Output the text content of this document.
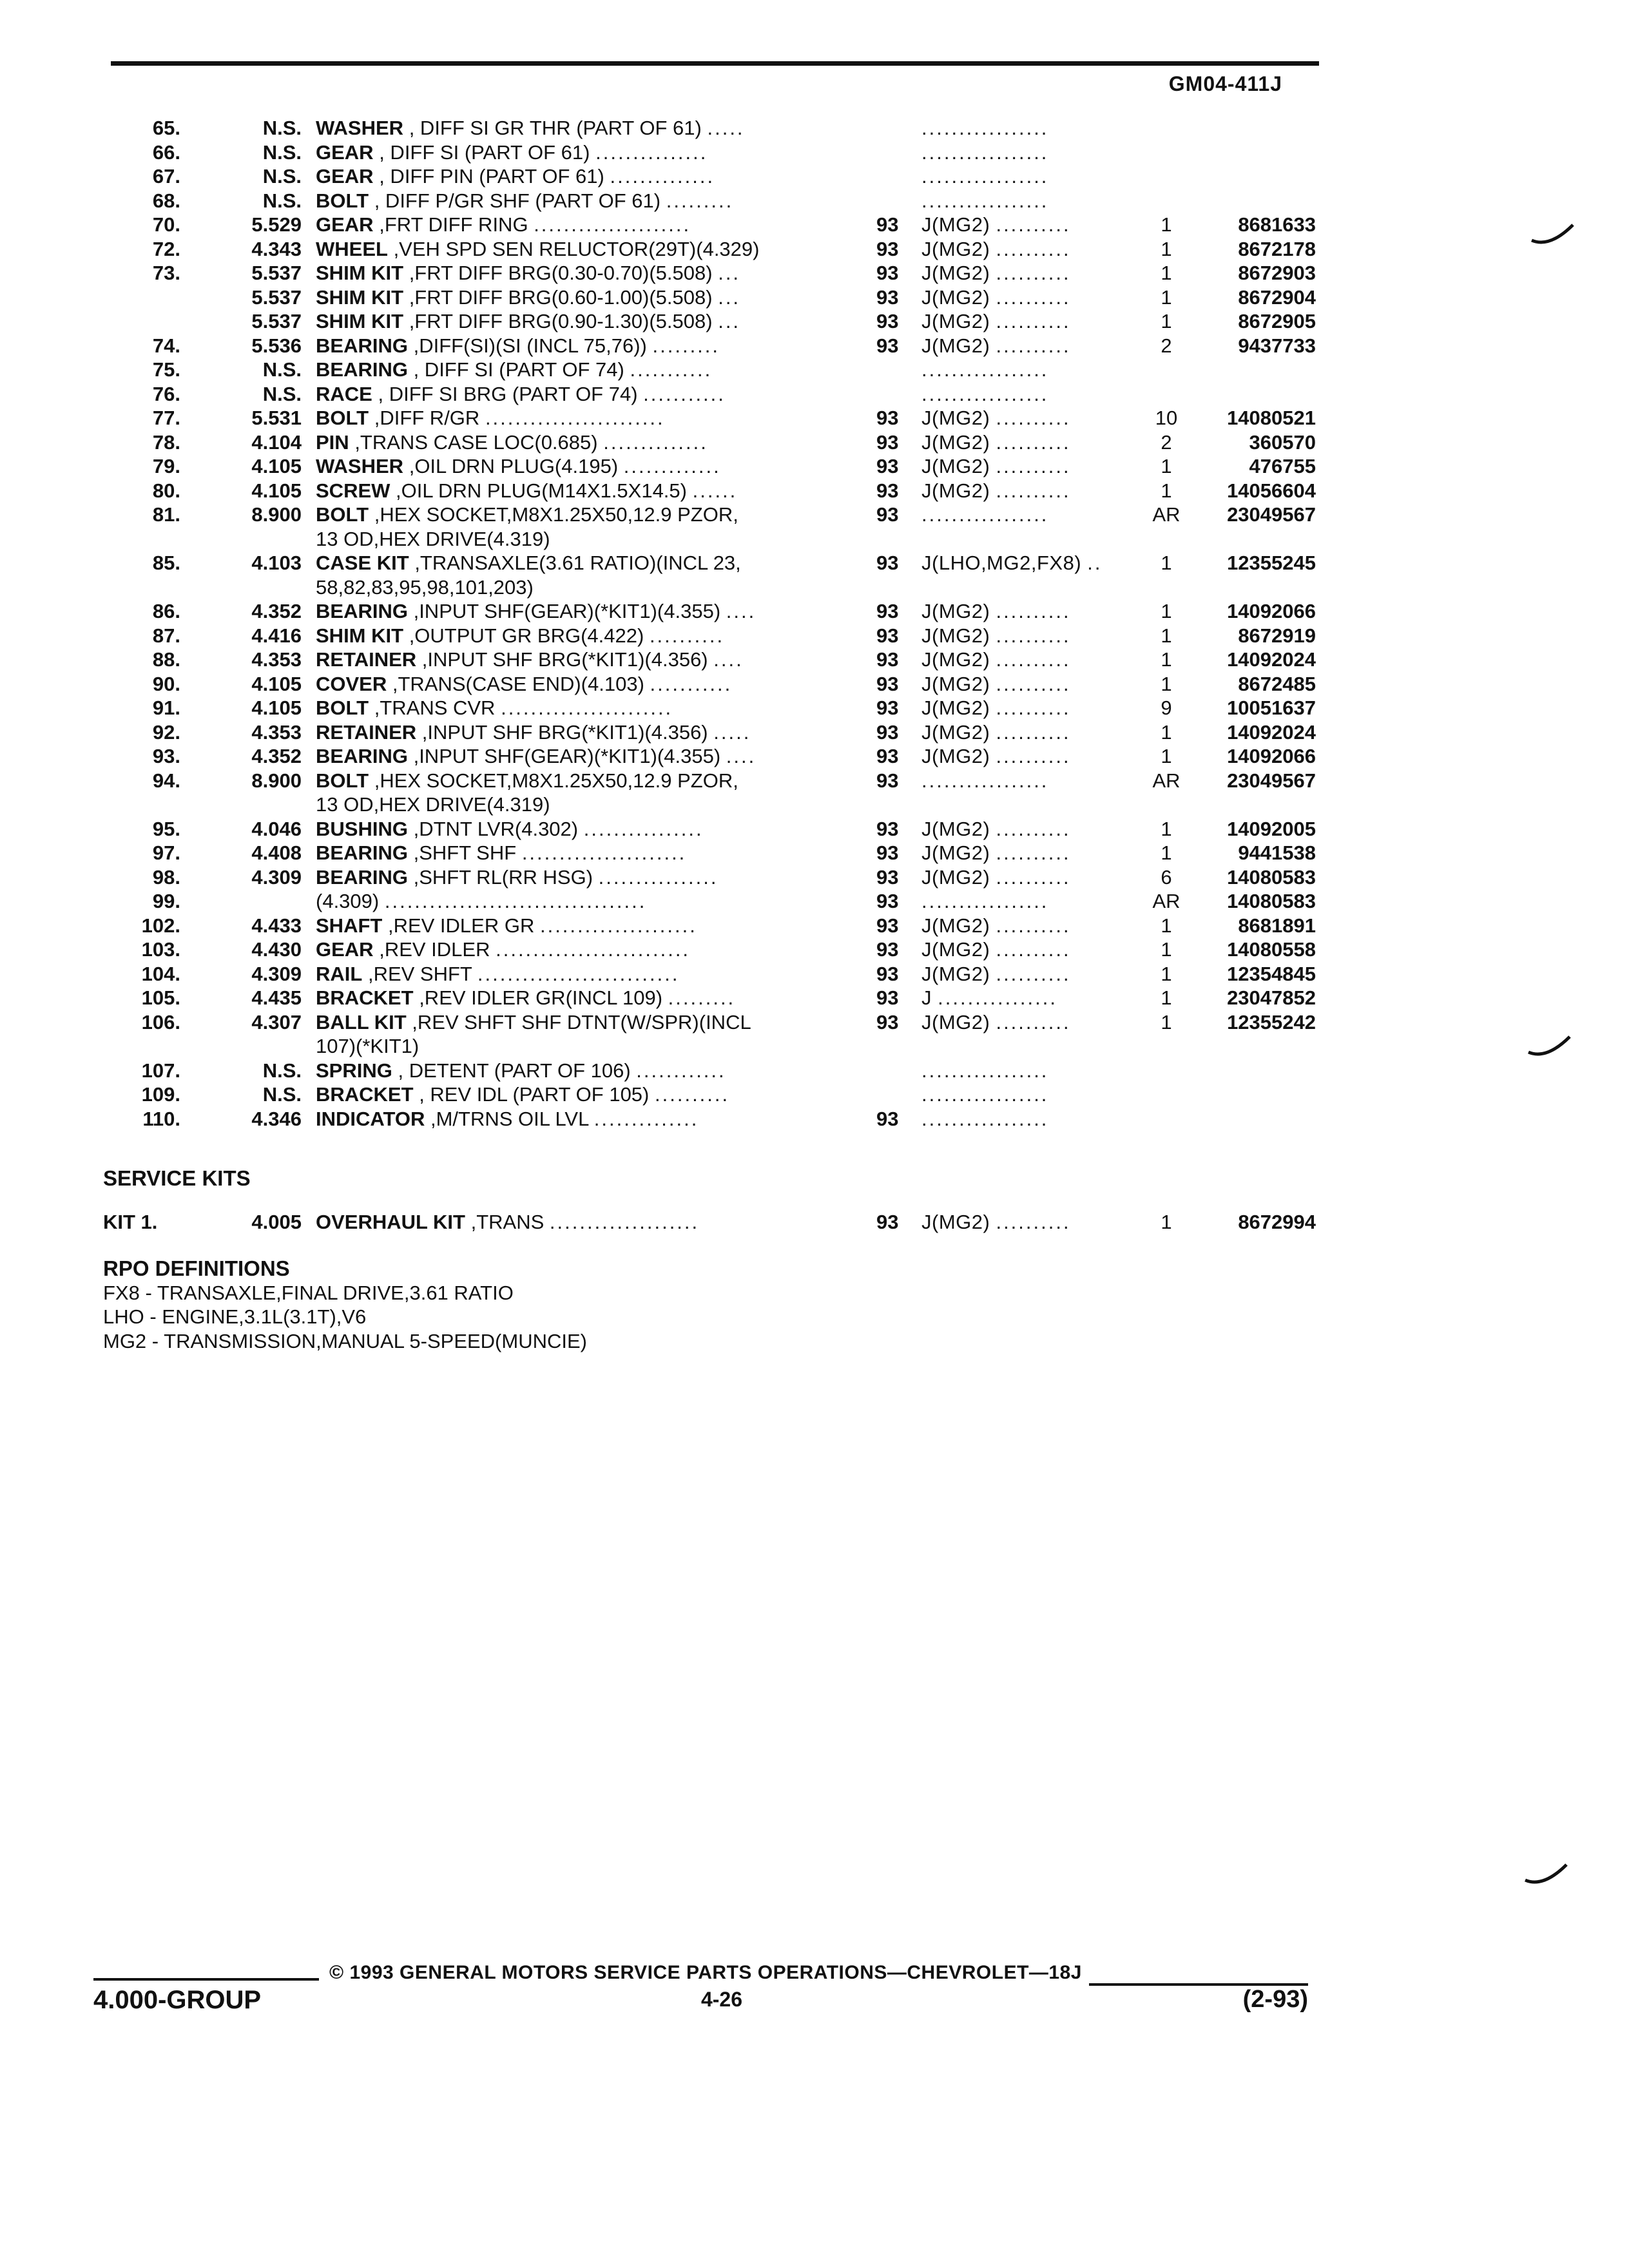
GM04-411J
65.	N.S. WASHER , DIFF SI GR THR (PART OF 61) .....	.................
66.	N.S. GEAR , DIFF SI (PART OF 61) ...............	.................
67.	N.S. GEAR , DIFF PIN (PART OF 61) ..............	.................
68.	N.S. BOLT , DIFF P/GR SHF (PART OF 61) .........	.................
70.	5.529 GEAR ,FRT DIFF RING .....................	93	J(MG2) ..........	1	8681633
72.	4.343 WHEEL ,VEH SPD SEN RELUCTOR(29T)(4.329)	93	J(MG2) ..........	1	8672178
73.	5.537 SHIM KIT ,FRT DIFF BRG(0.30-0.70)(5.508) ...	93	J(MG2) ..........	1	8672903
5.537 SHIM KIT ,FRT DIFF BRG(0.60-1.00)(5.508) ...	93	J(MG2) ..........	1	8672904
5.537 SHIM KIT ,FRT DIFF BRG(0.90-1.30)(5.508) ...	93	J(MG2) ..........	1	8672905
74.	5.536 BEARING ,DIFF(SI)(SI (INCL 75,76)) .........	93	J(MG2) ..........	2	9437733
75.	N.S. BEARING , DIFF SI (PART OF 74) ...........	.................
76.	N.S. RACE , DIFF SI BRG (PART OF 74) ...........	.................
77.	5.531 BOLT ,DIFF R/GR ........................	93	J(MG2) ..........	10	14080521
78.	4.104 PIN ,TRANS CASE LOC(0.685) ..............	93	J(MG2) ..........	2	360570
79.	4.105 WASHER ,OIL DRN PLUG(4.195) .............	93	J(MG2) ..........	1	476755
80.	4.105 SCREW ,OIL DRN PLUG(M14X1.5X14.5) ......	93	J(MG2) ..........	1	14056604
81.	8.900 BOLT ,HEX SOCKET,M8X1.25X50,12.9 PZOR,	93	.................	AR	23049567
13 OD,HEX DRIVE(4.319)
85.	4.103 CASE KIT ,TRANSAXLE(3.61 RATIO)(INCL 23,	93	J(LHO,MG2,FX8) ..	1	12355245
58,82,83,95,98,101,203)
86.	4.352 BEARING ,INPUT SHF(GEAR)(*KIT1)(4.355) ....	93	J(MG2) ..........	1	14092066
87.	4.416 SHIM KIT ,OUTPUT GR BRG(4.422) ..........	93	J(MG2) ..........	1	8672919
88.	4.353 RETAINER ,INPUT SHF BRG(*KIT1)(4.356) ....	93	J(MG2) ..........	1	14092024
90.	4.105 COVER ,TRANS(CASE END)(4.103) ...........	93	J(MG2) ..........	1	8672485
91.	4.105 BOLT ,TRANS CVR .......................	93	J(MG2) ..........	9	10051637
92.	4.353 RETAINER ,INPUT SHF BRG(*KIT1)(4.356) .....	93	J(MG2) ..........	1	14092024
93.	4.352 BEARING ,INPUT SHF(GEAR)(*KIT1)(4.355) ....	93	J(MG2) ..........	1	14092066
94.	8.900 BOLT ,HEX SOCKET,M8X1.25X50,12.9 PZOR,	93	.................	AR	23049567
13 OD,HEX DRIVE(4.319)
95.	4.046 BUSHING ,DTNT LVR(4.302) ................	93	J(MG2) ..........	1	14092005
97.	4.408 BEARING ,SHFT SHF ......................	93	J(MG2) ..........	1	9441538
98.	4.309 BEARING ,SHFT RL(RR HSG) ................	93	J(MG2) ..........	6	14080583
99.	(4.309) ...................................	93	.................	AR	14080583
102.	4.433 SHAFT ,REV IDLER GR .....................	93	J(MG2) ..........	1	8681891
103.	4.430 GEAR ,REV IDLER ..........................	93	J(MG2) ..........	1	14080558
104.	4.309 RAIL ,REV SHFT ...........................	93	J(MG2) ..........	1	12354845
105.	4.435 BRACKET ,REV IDLER GR(INCL 109) .........	93	J ................	1	23047852
106.	4.307 BALL KIT ,REV SHFT SHF DTNT(W/SPR)(INCL	93	J(MG2) ..........	1	12355242
107)(*KIT1)
107.	N.S. SPRING , DETENT (PART OF 106) ............	.................
109.	N.S. BRACKET , REV IDL (PART OF 105) ..........	.................
110.	4.346 INDICATOR ,M/TRNS OIL LVL ..............	93	.................
SERVICE KITS
KIT 1.	4.005 OVERHAUL KIT ,TRANS ....................	93	J(MG2) ..........	1	8672994
RPO DEFINITIONS
FX8 - TRANSAXLE,FINAL DRIVE,3.61 RATIO
LHO - ENGINE,3.1L(3.1T),V6
MG2 - TRANSMISSION,MANUAL 5-SPEED(MUNCIE)
© 1993 GENERAL MOTORS SERVICE PARTS OPERATIONS—CHEVROLET—18J
4.000-GROUP	4-26	(2-93)
